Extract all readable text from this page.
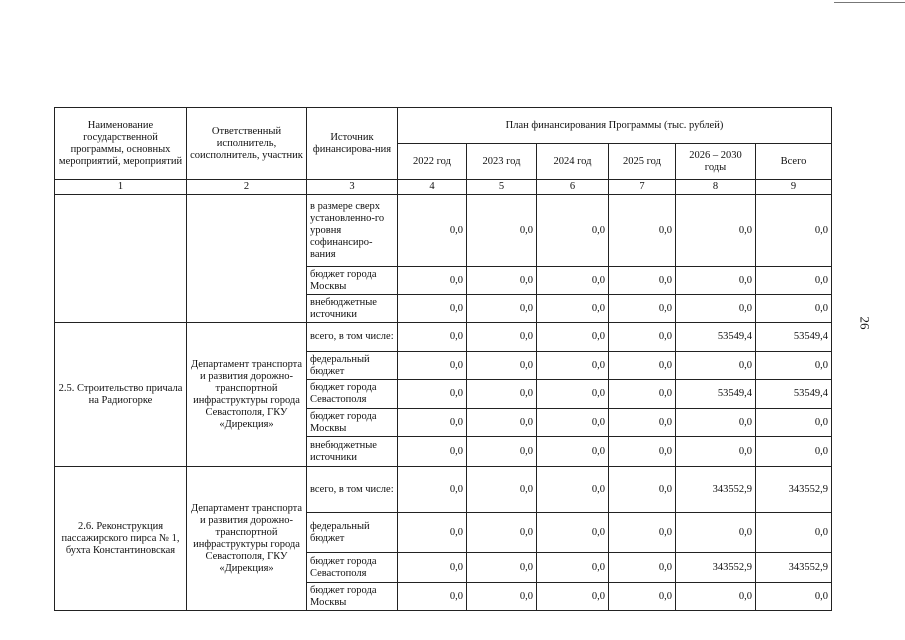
26
Наименование государственной программы, основных мероприятий, мероприятий	Ответственный исполнитель, соисполнитель, участник	Источник финансирова-ния	План финансирования Программы (тыс. рублей)					
			2022 год	2023 год	2024 год	2025 год	2026 – 2030 годы	Всего
1	2	3	4	5	6	7	8	9
		в размере сверх установленно-го уровня софинансиро-вания	0,0	0,0	0,0	0,0	0,0	0,0
		бюджет города Москвы	0,0	0,0	0,0	0,0	0,0	0,0
		внебюджетные источники	0,0	0,0	0,0	0,0	0,0	0,0
2.5. Строительство причала на Радиогорке	Департамент транспорта и развития дорожно-транспортной инфраструктуры города Севастополя, ГКУ «Дирекция»	всего, в том числе:	0,0	0,0	0,0	0,0	53549,4	53549,4
		федеральный бюджет	0,0	0,0	0,0	0,0	0,0	0,0
		бюджет города Севастополя	0,0	0,0	0,0	0,0	53549,4	53549,4
		бюджет города Москвы	0,0	0,0	0,0	0,0	0,0	0,0
		внебюджетные источники	0,0	0,0	0,0	0,0	0,0	0,0
2.6. Реконструкция пассажирского пирса № 1, бухта Константиновская	Департамент транспорта и развития дорожно-транспортной инфраструктуры города Севастополя, ГКУ «Дирекция»	всего, в том числе:	0,0	0,0	0,0	0,0	343552,9	343552,9
		федеральный бюджет	0,0	0,0	0,0	0,0	0,0	0,0
		бюджет города Севастополя	0,0	0,0	0,0	0,0	343552,9	343552,9
		бюджет города Москвы	0,0	0,0	0,0	0,0	0,0	0,0
